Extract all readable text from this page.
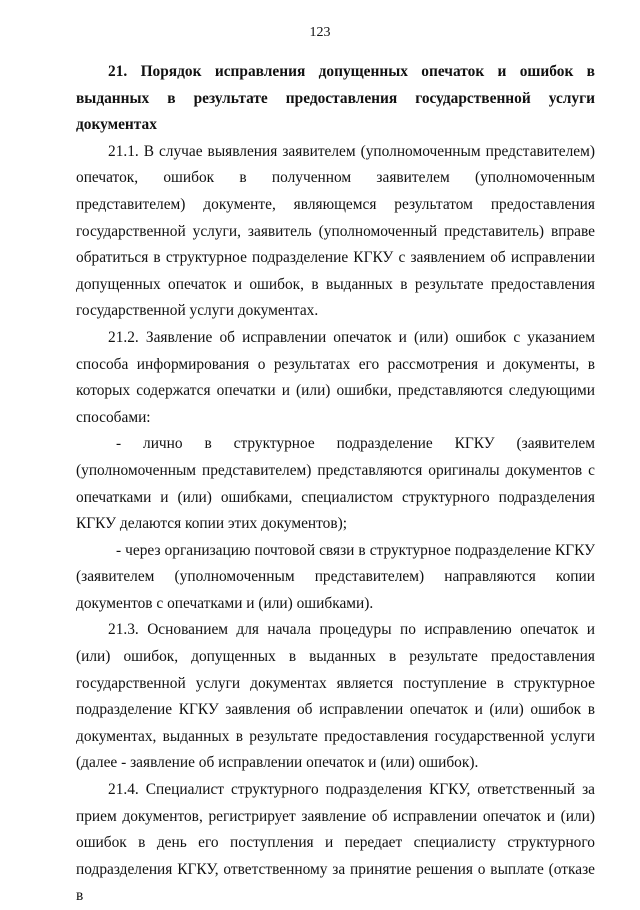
123

21. Порядок исправления допущенных опечаток и ошибок в выданных в результате предоставления государственной услуги документах

21.1. В случае выявления заявителем (уполномоченным представителем) опечаток, ошибок в полученном заявителем (уполномоченным представителем) документе, являющемся результатом предоставления государственной услуги, заявитель (уполномоченный представитель) вправе обратиться в структурное подразделение КГКУ с заявлением об исправлении допущенных опечаток и ошибок, в выданных в результате предоставления государственной услуги документах.

21.2. Заявление об исправлении опечаток и (или) ошибок с указанием способа информирования о результатах его рассмотрения и документы, в которых содержатся опечатки и (или) ошибки, представляются следующими способами:

- лично в структурное подразделение КГКУ (заявителем (уполномоченным представителем) представляются оригиналы документов с опечатками и (или) ошибками, специалистом структурного подразделения КГКУ делаются копии этих документов);

- через организацию почтовой связи в структурное подразделение КГКУ (заявителем (уполномоченным представителем) направляются копии документов с опечатками и (или) ошибками).

21.3. Основанием для начала процедуры по исправлению опечаток и (или) ошибок, допущенных в выданных в результате предоставления государственной услуги документах является поступление в структурное подразделение КГКУ заявления об исправлении опечаток и (или) ошибок в документах, выданных в результате предоставления государственной услуги (далее - заявление об исправлении опечаток и (или) ошибок).

21.4. Специалист структурного подразделения КГКУ, ответственный за прием документов, регистрирует заявление об исправлении опечаток и (или) ошибок в день его поступления и передает специалисту структурного подразделения КГКУ, ответственному за принятие решения о выплате (отказе в
